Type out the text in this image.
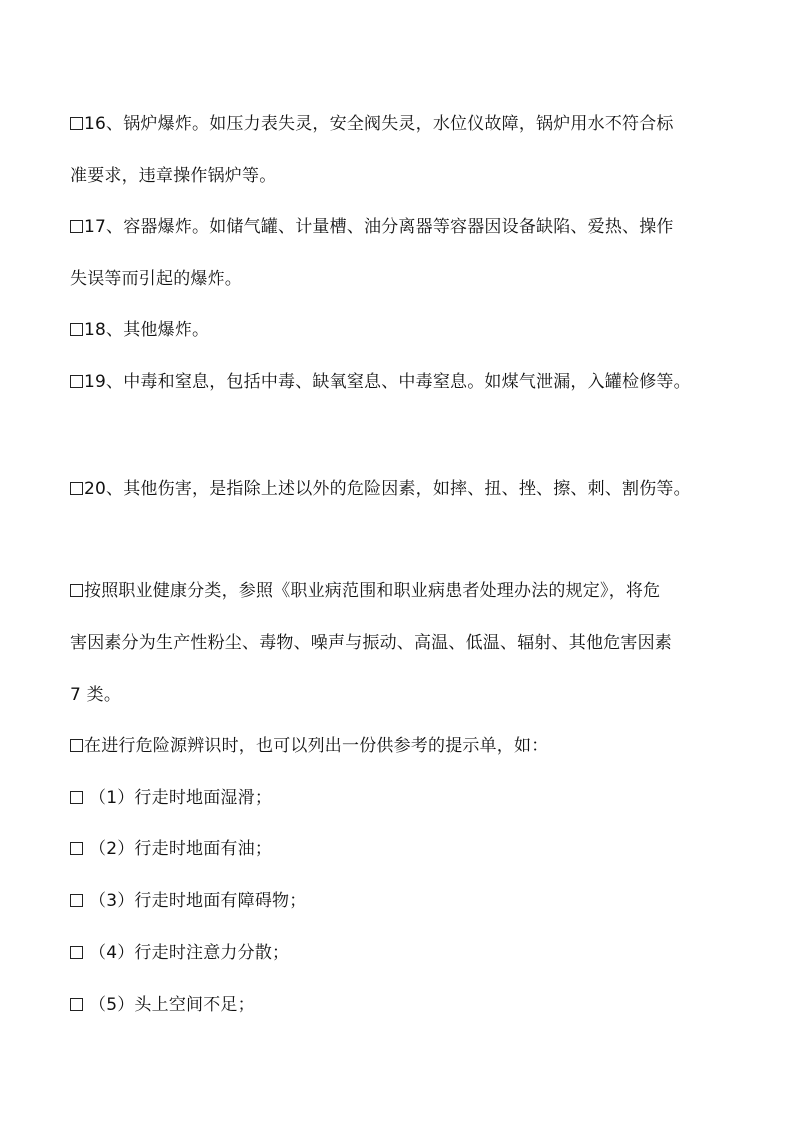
16、锅炉爆炸。如压力表失灵，安全阀失灵，水位仪故障，锅炉用水不符合标
准要求，违章操作锅炉等。
17、容器爆炸。如储气罐、计量槽、油分离器等容器因设备缺陷、爱热、操作
失误等而引起的爆炸。
18、其他爆炸。
19、中毒和窒息，包括中毒、缺氧窒息、中毒窒息。如煤气泄漏，入罐检修等。
20、其他伤害，是指除上述以外的危险因素，如摔、扭、挫、擦、刺、割伤等。
按照职业健康分类，参照《职业病范围和职业病患者处理办法的规定》，将危
害因素分为生产性粉尘、毒物、噪声与振动、高温、低温、辐射、其他危害因素
7 类。
在进行危险源辨识时，也可以列出一份供参考的提示单，如：
（1）行走时地面湿滑；
（2）行走时地面有油；
（3）行走时地面有障碍物；
（4）行走时注意力分散；
（5）头上空间不足；
